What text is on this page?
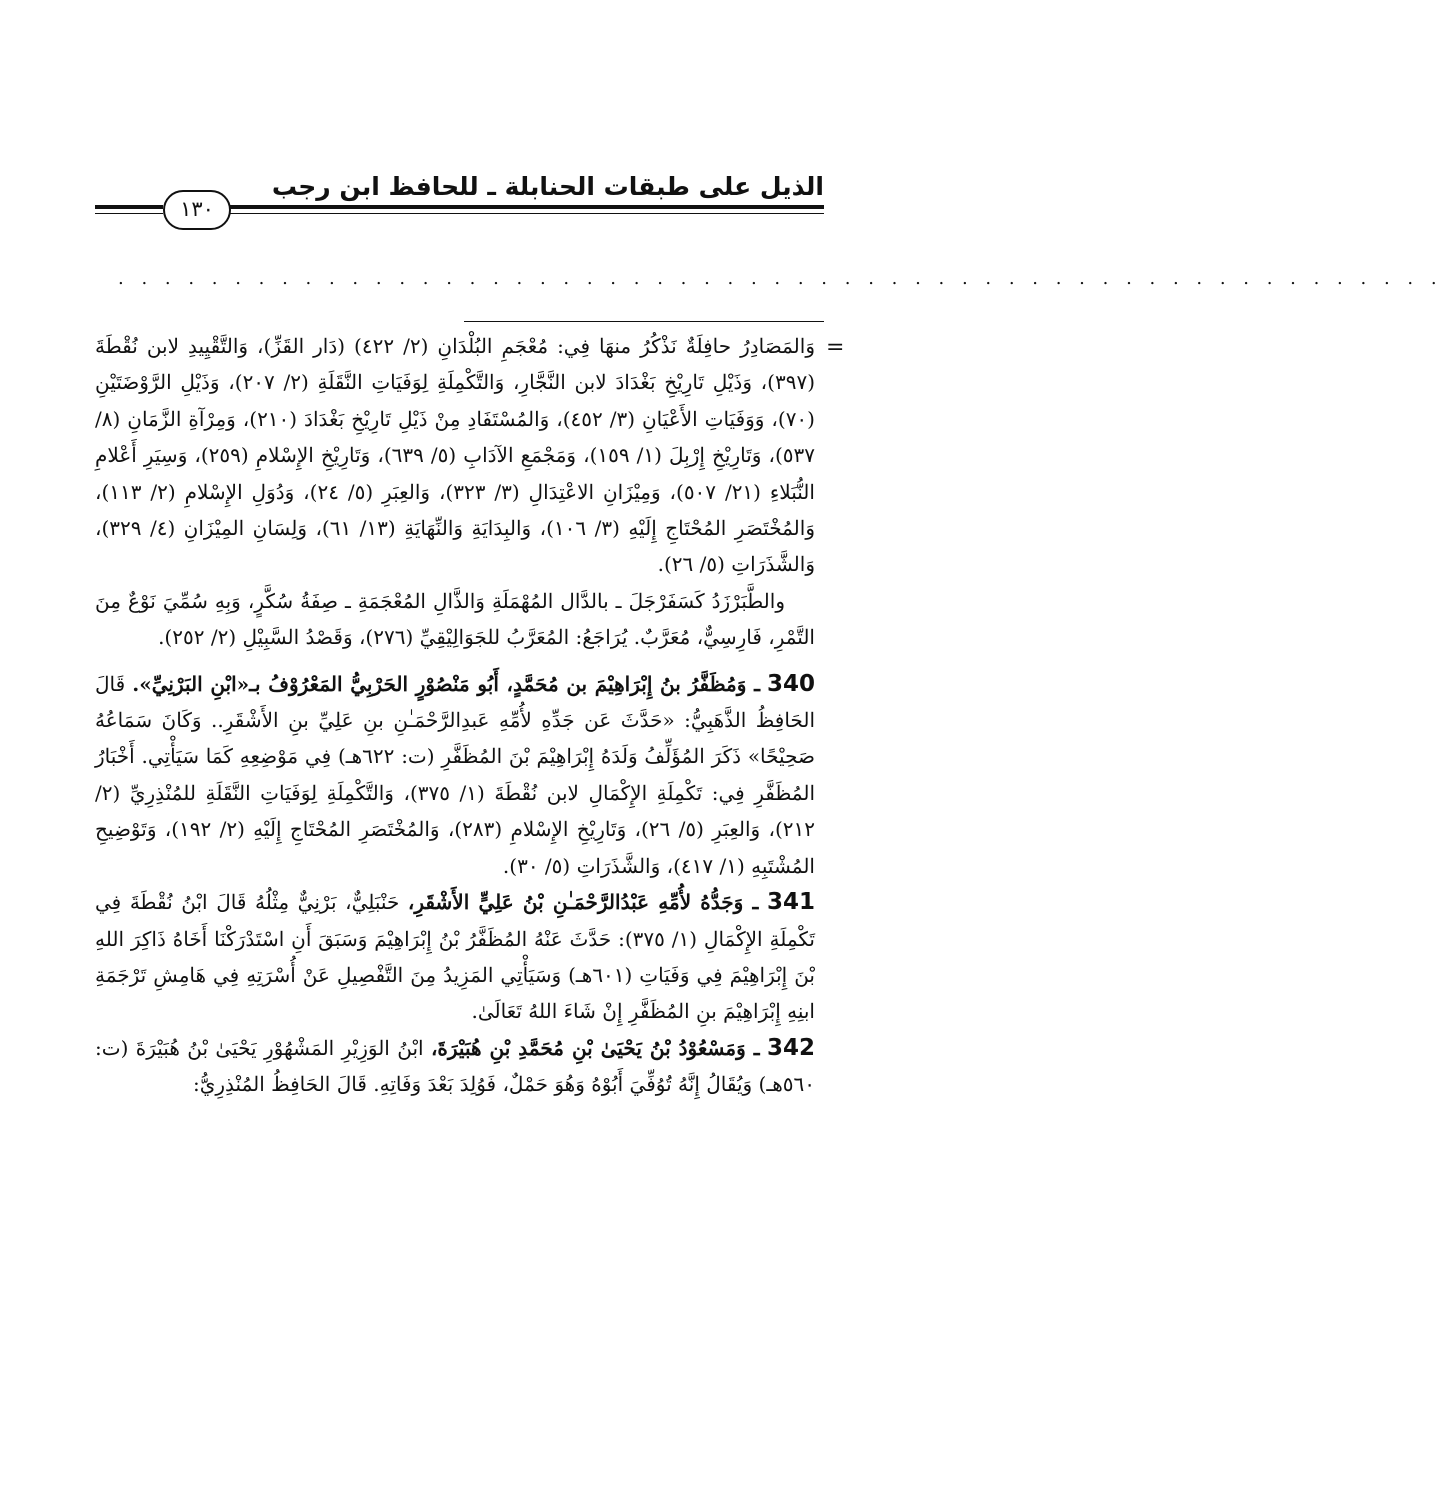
الذيل على طبقات الحنابلة ـ للحافظ ابن رجب
١٣٠
. . . . . . . . . . . . . . . . . . . . . . . . . . . . . . . . . . . . . . . . . . . . . . . . . . . . . . . . .
=

وَالمَصَادِرُ حافِلَةٌ نَذْكُرُ منهَا فِي: مُعْجَمِ البُلْدَانِ (٢/ ٤٢٢) (دَار القَزِّ)، وَالتَّقْيِيدِ لابن نُقْطَةَ (٣٩٧)، وَذَيْلِ تَارِيْخِ بَغْدَادَ لابن النَّجَّارِ، وَالتَّكْمِلَةِ لِوَفَيَاتِ النَّقَلَةِ (٢/ ٢٠٧)، وَذَيْلِ الرَّوْضَتَيْنِ (٧٠)، وَوَفَيَاتِ الأَعْيَانِ (٣/ ٤٥٢)، وَالمُسْتَفَادِ مِنْ ذَيْلِ تَارِيْخِ بَغْدَادَ (٢١٠)، وَمِرْآةِ الزَّمَانِ (٨/ ٥٣٧)، وَتَارِيْخِ إِرْبِلَ (١/ ١٥٩)، وَمَجْمَعِ الآدَابِ (٥/ ٦٣٩)، وَتَارِيْخِ الإِسْلامِ (٢٥٩)، وَسِيَرِ أَعْلامِ النُّبَلاءِ (٢١/ ٥٠٧)، وَمِيْزَانِ الاعْتِدَالِ (٣/ ٣٢٣)، وَالعِبَرِ (٥/ ٢٤)، وَدُوَلِ الإِسْلامِ (٢/ ١١٣)، وَالمُخْتَصَرِ المُحْتَاجِ إِلَيْهِ (٣/ ١٠٦)، وَالبِدَايَةِ وَالنِّهَايَةِ (١٣/ ٦١)، وَلِسَانِ المِيْزَانِ (٤/ ٣٢٩)، وَالشَّذَرَاتِ (٥/ ٢٦).

والطَّبَرْزَدُ كَسَفَرْجَلَ ـ بالدَّال المُهْمَلَةِ وَالذَّالِ المُعْجَمَةِ ـ صِفَةُ سُكَّرٍ، وَبِهِ سُمِّيَ نَوْعٌ مِنَ التَّمْرِ، فَارِسِيٌّ، مُعَرَّبٌ. يُرَاجَعُ: المُعَرَّبُ للجَوَالِيْقِيِّ (٢٧٦)، وَقَصْدُ السَّبِيْلِ (٢/ ٢٥٢).

340 ـ وَمُظَفَّرُ بنُ إِبْرَاهِيْمَ بن مُحَمَّدٍ، أَبُو مَنْصُوْرٍ الحَرْبِيُّ المَعْرُوْفُ بـ«ابْنِ البَرْنِيِّ». قَالَ الحَافِظُ الذَّهَبِيُّ: «حَدَّثَ عَن جَدِّهِ لأُمِّهِ عَبدِالرَّحْمَـٰنِ بنِ عَلِيِّ بنِ الأَشْقَرِ.. وَكَانَ سَمَاعُهُ صَحِيْحًا» ذَكَرَ المُؤَلِّفُ وَلَدَهُ إِبْرَاهِيْمَ بْنَ المُظَفَّرِ (ت: ٦٢٢هـ) فِي مَوْضِعِهِ كَمَا سَيَأْتِي. أَخْبَارُ المُظَفَّرِ فِي: تَكْمِلَةِ الإِكْمَالِ لابن نُقْطَةَ (١/ ٣٧٥)، وَالتَّكْمِلَةِ لِوَفَيَاتِ النَّقَلَةِ للمُنْذِرِيِّ (٢/ ٢١٢)، وَالعِبَرِ (٥/ ٢٦)، وَتَارِيْخِ الإِسْلامِ (٢٨٣)، وَالمُخْتَصَرِ المُحْتَاجِ إِلَيْهِ (٢/ ١٩٢)، وَتَوْضِيحِ المُشْتَبِهِ (١/ ٤١٧)، وَالشَّذَرَاتِ (٥/ ٣٠).

341 ـ وَجَدُّهُ لأُمِّهِ عَبْدُالرَّحْمَـٰنِ بْنُ عَلِيٍّ الأَشْقَرِ، حَنْبَلِيٌّ، بَرْنِيٌّ مِثْلُهُ قَالَ ابْنُ نُقْطَةَ فِي تَكْمِلَةِ الإِكْمَالِ (١/ ٣٧٥): حَدَّثَ عَنْهُ المُظَفَّرُ بْنُ إِبْرَاهِيْمَ وَسَبَقَ أَنِ اسْتَدْرَكْنَا أَخَاهُ ذَاكِرَ اللهِ بْنَ إِبْرَاهِيْمَ فِي وَفَيَاتِ (٦٠١هـ) وَسَيَأْتِي المَزِيدُ مِنَ التَّفْصِيلِ عَنْ أُسْرَتِهِ فِي هَامِشِ تَرْجَمَةِ ابنِهِ إِبْرَاهِيْمَ بنِ المُظَفَّرِ إِنْ شَاءَ اللهُ تَعَالَىٰ.

342 ـ وَمَسْعُوْدُ بْنُ يَحْيَىٰ بْنِ مُحَمَّدِ بْنِ هُبَيْرَةَ، ابْنُ الوَزِيْرِ المَشْهُوْرِ يَحْيَىٰ بْنُ هُبَيْرَةَ (ت: ٥٦٠هـ) وَيُقَالُ إِنَّهُ تُوُفِّيَ أَبُوْهُ وَهُوَ حَمْلٌ، فَوُلِدَ بَعْدَ وَفَاتِهِ. قَالَ الحَافِظُ المُنْذِرِيُّ:
